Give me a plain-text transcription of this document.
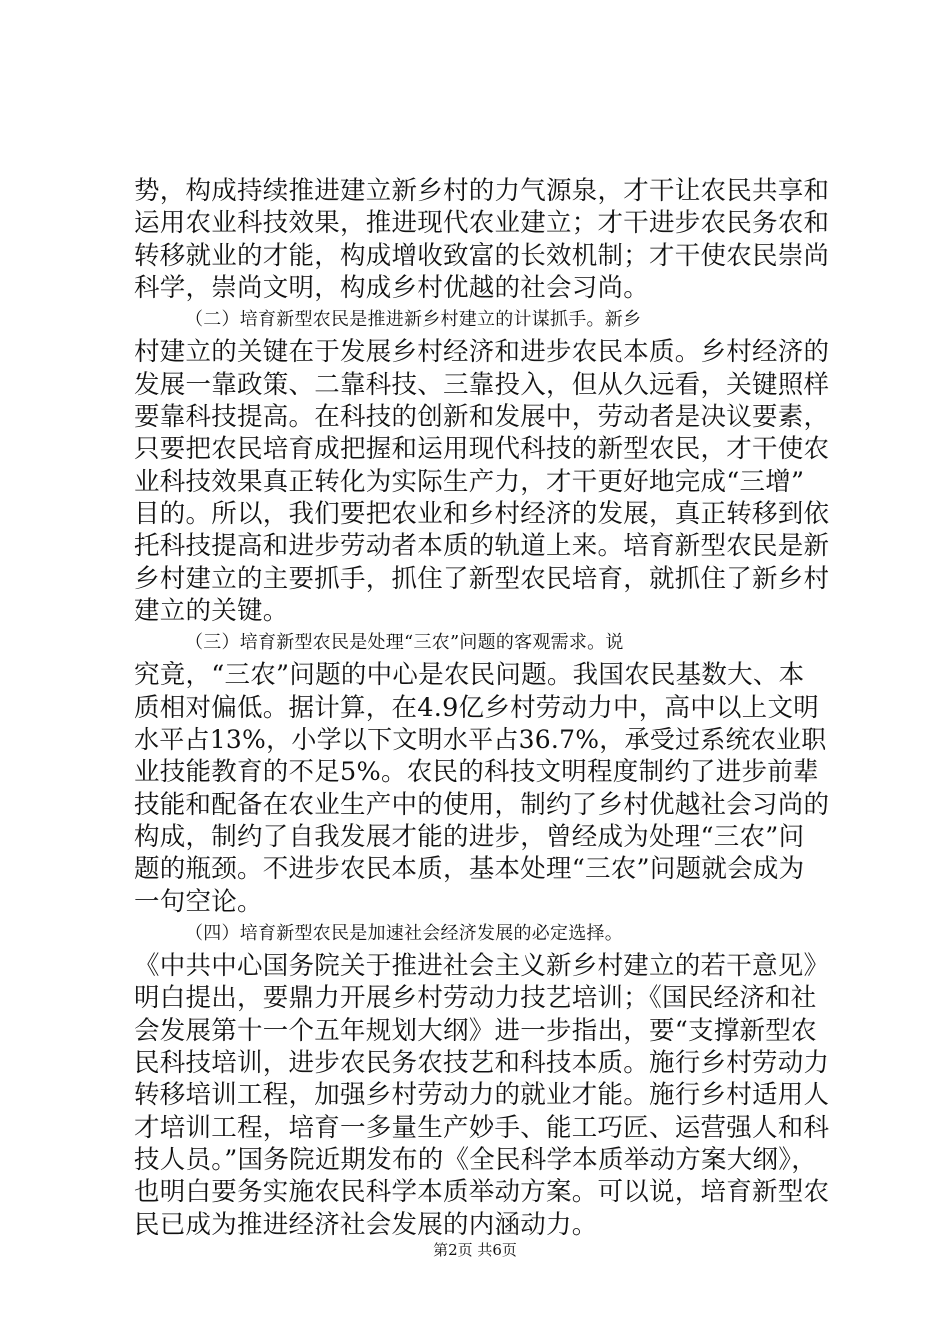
势，构成持续推进建立新乡村的力气源泉，才干让农民共享和
运用农业科技效果，推进现代农业建立；才干进步农民务农和
转移就业的才能，构成增收致富的长效机制；才干使农民崇尚
科学，崇尚文明，构成乡村优越的社会习尚。
（二）培育新型农民是推进新乡村建立的计谋抓手。新乡
村建立的关键在于发展乡村经济和进步农民本质。乡村经济的
发展一靠政策、二靠科技、三靠投入，但从久远看，关键照样
要靠科技提高。在科技的创新和发展中，劳动者是决议要素，
只要把农民培育成把握和运用现代科技的新型农民，才干使农
业科技效果真正转化为实际生产力，才干更好地完成“三增”
目的。所以，我们要把农业和乡村经济的发展，真正转移到依
托科技提高和进步劳动者本质的轨道上来。培育新型农民是新
乡村建立的主要抓手，抓住了新型农民培育，就抓住了新乡村
建立的关键。
（三）培育新型农民是处理“三农”问题的客观需求。说
究竟，“三农”问题的中心是农民问题。我国农民基数大、本
质相对偏低。据计算，在4.9亿乡村劳动力中，高中以上文明
水平占13%，小学以下文明水平占36.7%，承受过系统农业职
业技能教育的不足5%。农民的科技文明程度制约了进步前辈
技能和配备在农业生产中的使用，制约了乡村优越社会习尚的
构成，制约了自我发展才能的进步，曾经成为处理“三农”问
题的瓶颈。不进步农民本质，基本处理“三农”问题就会成为
一句空论。
（四）培育新型农民是加速社会经济发展的必定选择。
《中共中心国务院关于推进社会主义新乡村建立的若干意见》
明白提出，要鼎力开展乡村劳动力技艺培训；《国民经济和社
会发展第十一个五年规划大纲》进一步指出，要“支撑新型农
民科技培训，进步农民务农技艺和科技本质。施行乡村劳动力
转移培训工程，加强乡村劳动力的就业才能。施行乡村适用人
才培训工程，培育一多量生产妙手、能工巧匠、运营强人和科
技人员。”国务院近期发布的《全民科学本质举动方案大纲》，
也明白要务实施农民科学本质举动方案。可以说，培育新型农
民已成为推进经济社会发展的内涵动力。
第2页 共6页
